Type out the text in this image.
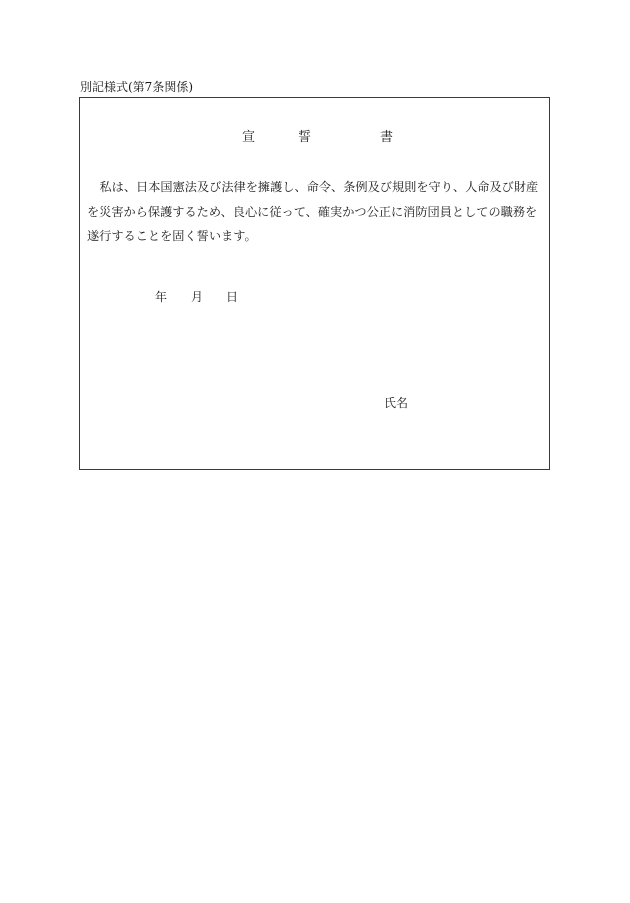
別記様式(第7条関係)
宣	誓	書

私は、日本国憲法及び法律を擁護し、命令、条例及び規則を守り、人命及び財産を災害から保護するため、良心に従って、確実かつ公正に消防団員としての職務を遂行することを固く誓います。

年 月 日
氏名
